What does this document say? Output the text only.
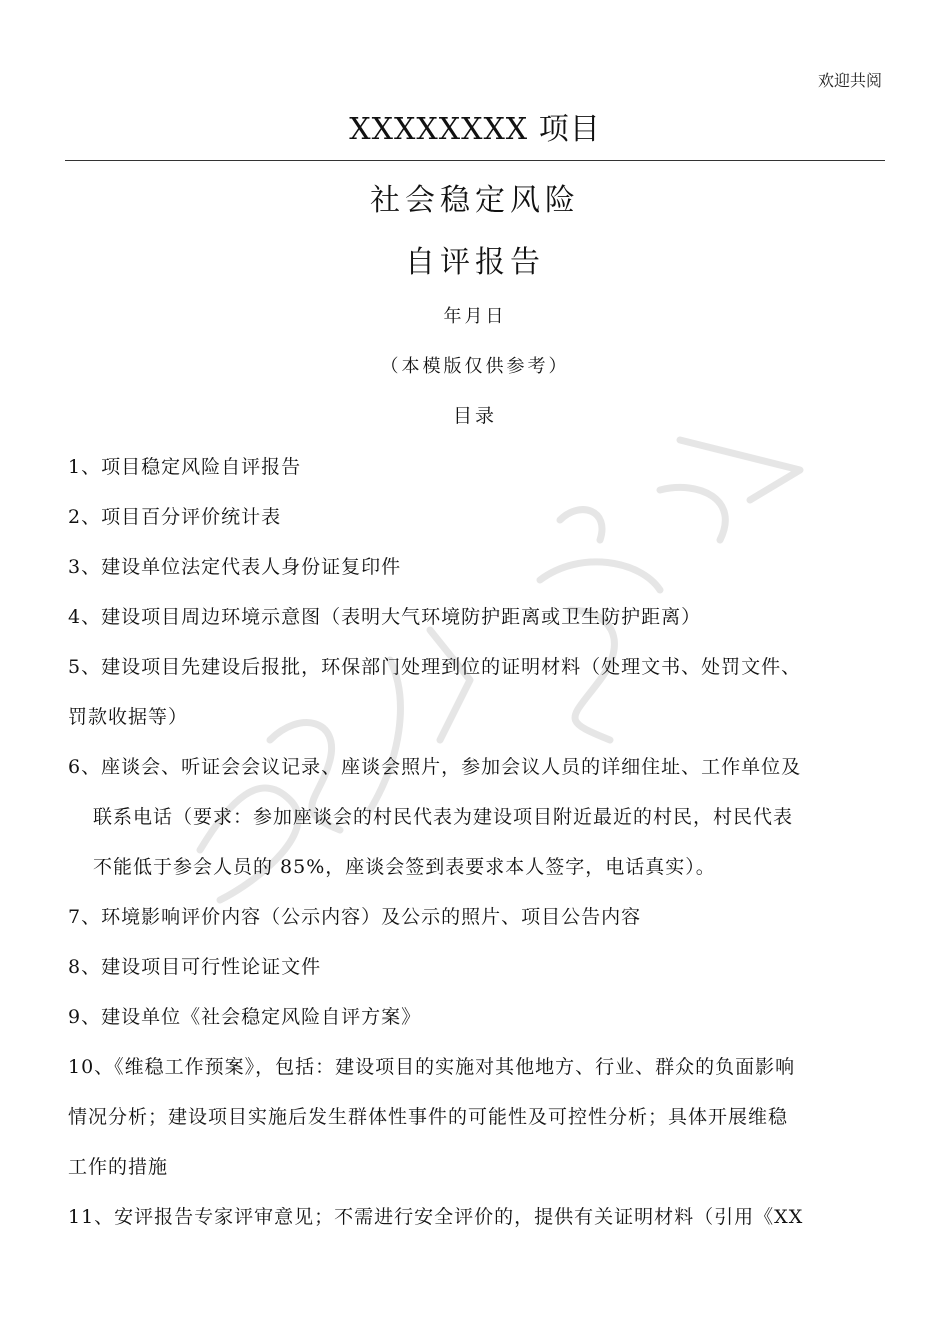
欢迎共阅
XXXXXXXX 项目
社会稳定风险
自评报告
年月日
（本模版仅供参考）
目录

1、项目稳定风险自评报告

2、项目百分评价统计表

3、建设单位法定代表人身份证复印件

4、建设项目周边环境示意图（表明大气环境防护距离或卫生防护距离）

5、建设项目先建设后报批，环保部门处理到位的证明材料（处理文书、处罚文件、

罚款收据等）

6、座谈会、听证会会议记录、座谈会照片，参加会议人员的详细住址、工作单位及

联系电话（要求：参加座谈会的村民代表为建设项目附近最近的村民，村民代表

不能低于参会人员的 85%，座谈会签到表要求本人签字，电话真实）。

7、环境影响评价内容（公示内容）及公示的照片、项目公告内容

8、建设项目可行性论证文件

9、建设单位《社会稳定风险自评方案》

10、《维稳工作预案》，包括：建设项目的实施对其他地方、行业、群众的负面影响

情况分析；建设项目实施后发生群体性事件的可能性及可控性分析；具体开展维稳

工作的措施

11、安评报告专家评审意见；不需进行安全评价的，提供有关证明材料（引用《XX
